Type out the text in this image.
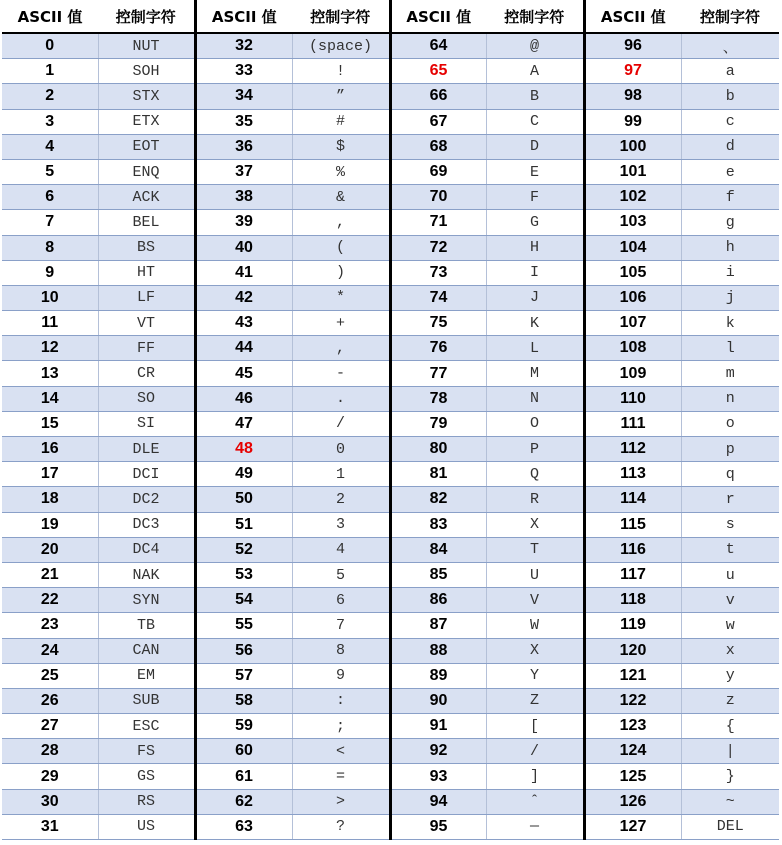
ASCII 值	控制字符	ASCII 值	控制字符	ASCII 值	控制字符	ASCII 值	控制字符
0	NUT	32	(space)	64	@	96	、
1	SOH	33	!	65	A	97	a
2	STX	34	”	66	B	98	b
3	ETX	35	#	67	C	99	c
4	EOT	36	$	68	D	100	d
5	ENQ	37	%	69	E	101	e
6	ACK	38	&	70	F	102	f
7	BEL	39	,	71	G	103	g
8	BS	40	(	72	H	104	h
9	HT	41	)	73	I	105	i
10	LF	42	*	74	J	106	j
11	VT	43	+	75	K	107	k
12	FF	44	,	76	L	108	l
13	CR	45	-	77	M	109	m
14	SO	46	.	78	N	110	n
15	SI	47	/	79	O	111	o
16	DLE	48	0	80	P	112	p
17	DCI	49	1	81	Q	113	q
18	DC2	50	2	82	R	114	r
19	DC3	51	3	83	X	115	s
20	DC4	52	4	84	T	116	t
21	NAK	53	5	85	U	117	u
22	SYN	54	6	86	V	118	v
23	TB	55	7	87	W	119	w
24	CAN	56	8	88	X	120	x
25	EM	57	9	89	Y	121	y
26	SUB	58	:	90	Z	122	z
27	ESC	59	;	91	[	123	{
28	FS	60	<	92	/	124	|
29	GS	61	=	93	]	125	}
30	RS	62	>	94	ˆ	126	~
31	US	63	?	95	—	127	DEL
